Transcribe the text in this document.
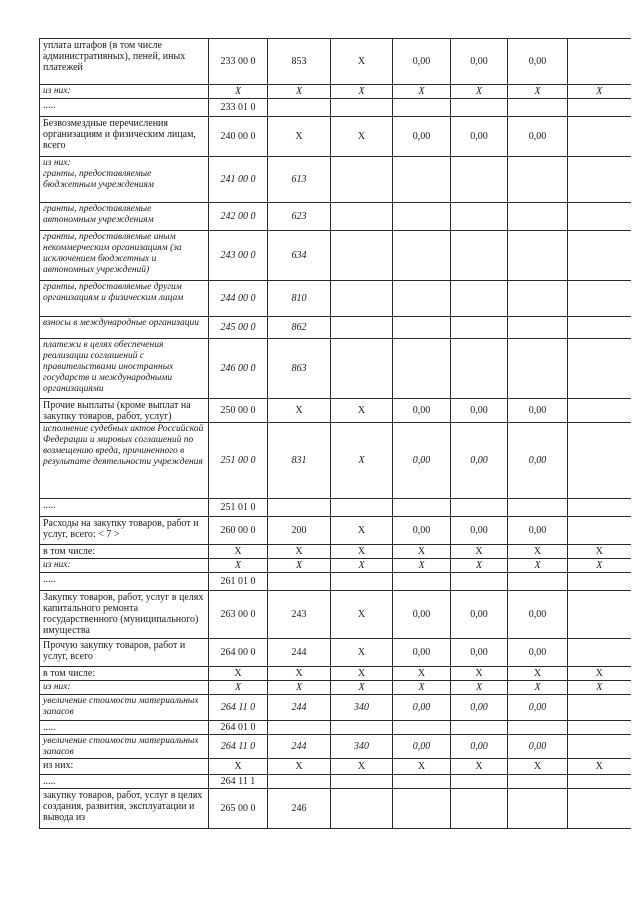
уплата штафов (в том числе административных), пеней, иных платежей	233 00 0	853	X	0,00	0,00	0,00	
из них:	X	X	X	X	X	X	X
.....	233 01 0						
Безвозмездные перечисления организациям и физическим лицам, всего	240 00 0	X	X	0,00	0,00	0,00	
из них:
гранты, предоставляемые бюджетным учреждениям	241 00 0	613					
гранты, предоставляемые автономным учреждениям	242 00 0	623					
гранты, предоставляемые иным некоммерческим организациям (за исключением бюджетных и автономных учреждений)	243 00 0	634					
гранты, предоставляемые другим организациям и физическим лицам	244 00 0	810					
взносы в международные организации	245 00 0	862					
платежи в целях обеспечения реализации соглашений с правительствами иностранных государств и международными организациями	246 00 0	863					
Прочие выплаты (кроме выплат на закупку товаров, работ, услуг)	250 00 0	X	X	0,00	0,00	0,00	
исполнение судебных актов Российской Федерации и мировых соглашений по возмещению вреда, причиненного в результате деятельности учреждения	251 00 0	831	X	0,00	0,00	0,00	
.....	251 01 0						
Расходы на закупку товаров, работ и услуг, всего: < 7 >	260 00 0	200	X	0,00	0,00	0,00	
в том числе:	X	X	X	X	X	X	X
из них:	X	X	X	X	X	X	X
.....	261 01 0						
Закупку товаров, работ, услуг в целях капитального ремонта государственного (муниципального) имущества	263 00 0	243	X	0,00	0,00	0,00	
Прочую закупку товаров, работ и услуг, всего	264 00 0	244	X	0,00	0,00	0,00	
в том числе:	X	X	X	X	X	X	X
из них:	X	X	X	X	X	X	X
увеличение стоимости материальных запасов	264 11 0	244	340	0,00	0,00	0,00	
.....	264 01 0						
увеличение стоимости материальных запасов	264 11 0	244	340	0,00	0,00	0,00	
из них:	X	X	X	X	X	X	X
.....	264 11 1						
закупку товаров, работ, услуг в целях создания, развития, эксплуатации и вывода из	265 00 0	246					
